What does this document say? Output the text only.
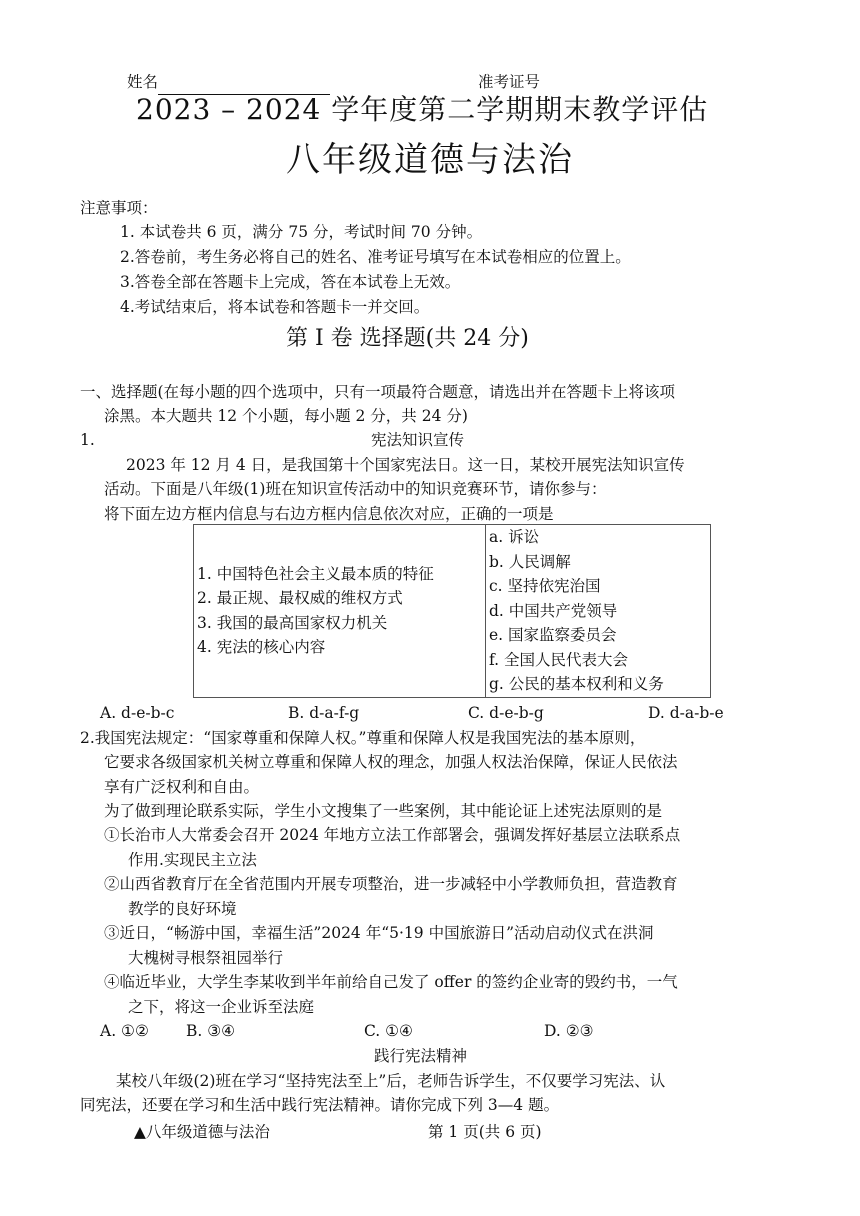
姓名	准考证号
2023 – 2024 学年度第二学期期末教学评估
八年级道德与法治
注意事项：
1. 本试卷共 6 页，满分 75 分，考试时间 70 分钟。
2.答卷前，考生务必将自己的姓名、准考证号填写在本试卷相应的位置上。
3.答卷全部在答题卡上完成，答在本试卷上无效。
4.考试结束后，将本试卷和答题卡一并交回。
第 I 卷 选择题(共 24 分)
一、选择题(在每小题的四个选项中，只有一项最符合题意，请选出并在答题卡上将该项
涂黑。本大题共 12 个小题，每小题 2 分，共 24 分)
1.	宪法知识宣传
2023 年 12 月 4 日，是我国第十个国家宪法日。这一日，某校开展宪法知识宣传
活动。下面是八年级(1)班在知识宣传活动中的知识竞赛环节，请你参与：
将下面左边方框内信息与右边方框内信息依次对应，正确的一项是
1. 中国特色社会主义最本质的特征
2. 最正规、最权威的维权方式
3. 我国的最高国家权力机关
4. 宪法的核心内容

a. 诉讼
b. 人民调解
c. 坚持依宪治国
d. 中国共产党领导
e. 国家监察委员会
f. 全国人民代表大会
g. 公民的基本权利和义务
A. d-e-b-c	B. d-a-f-g	C. d-e-b-g	D. d-a-b-e
2.我国宪法规定：“国家尊重和保障人权。”尊重和保障人权是我国宪法的基本原则，
它要求各级国家机关树立尊重和保障人权的理念，加强人权法治保障，保证人民依法
享有广泛权利和自由。
为了做到理论联系实际，学生小文搜集了一些案例，其中能论证上述宪法原则的是
①长治市人大常委会召开 2024 年地方立法工作部署会，强调发挥好基层立法联系点
作用.实现民主立法
②山西省教育厅在全省范围内开展专项整治，进一步减轻中小学教师负担，营造教育
教学的良好环境
③近日，“畅游中国，幸福生活”2024 年“5·19 中国旅游日”活动启动仪式在洪洞
大槐树寻根祭祖园举行
④临近毕业，大学生李某收到半年前给自己发了 offer 的签约企业寄的毁约书，一气
之下，将这一企业诉至法庭
A. ①② B. ③④	C. ①④	D. ②③
践行宪法精神
某校八年级(2)班在学习“坚持宪法至上”后，老师告诉学生，不仅要学习宪法、认
同宪法，还要在学习和生活中践行宪法精神。请你完成下列 3—4 题。
▲八年级道德与法治	第 1 页(共 6 页)
